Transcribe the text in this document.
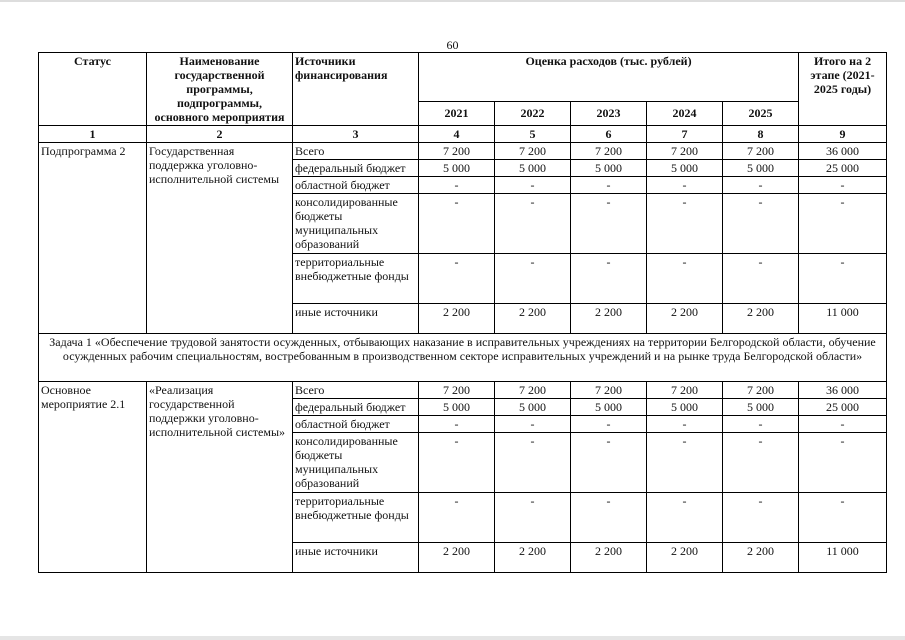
60
Статус	Наименование государственной программы, подпрограммы, основного мероприятия	Источники финансирования	Оценка расходов (тыс. рублей)					Итого на 2 этапе (2021-2025 годы)
			2021	2022	2023	2024	2025	
1	2	3	4	5	6	7	8	9
Подпрограмма 2	Государственная поддержка уголовно-исполнительной системы	Всего	7 200	7 200	7 200	7 200	7 200	36 000
		федеральный бюджет	5 000	5 000	5 000	5 000	5 000	25 000
		областной бюджет	-	-	-	-	-	-
		консолидированные бюджеты муниципальных образований	-	-	-	-	-	-
		территориальные внебюджетные фонды	-	-	-	-	-	-
		иные источники	2 200	2 200	2 200	2 200	2 200	11 000
Задача 1 «Обеспечение трудовой занятости осужденных, отбывающих наказание в исправительных учреждениях на территории Белгородской области, обучение осужденных рабочим специальностям, востребованным в производственном секторе исправительных учреждений и на рынке труда Белгородской области»								
Основное мероприятие 2.1	«Реализация государственной поддержки уголовно-исполнительной системы»	Всего	7 200	7 200	7 200	7 200	7 200	36 000
		федеральный бюджет	5 000	5 000	5 000	5 000	5 000	25 000
		областной бюджет	-	-	-	-	-	-
		консолидированные бюджеты муниципальных образований	-	-	-	-	-	-
		территориальные внебюджетные фонды	-	-	-	-	-	-
		иные источники	2 200	2 200	2 200	2 200	2 200	11 000
